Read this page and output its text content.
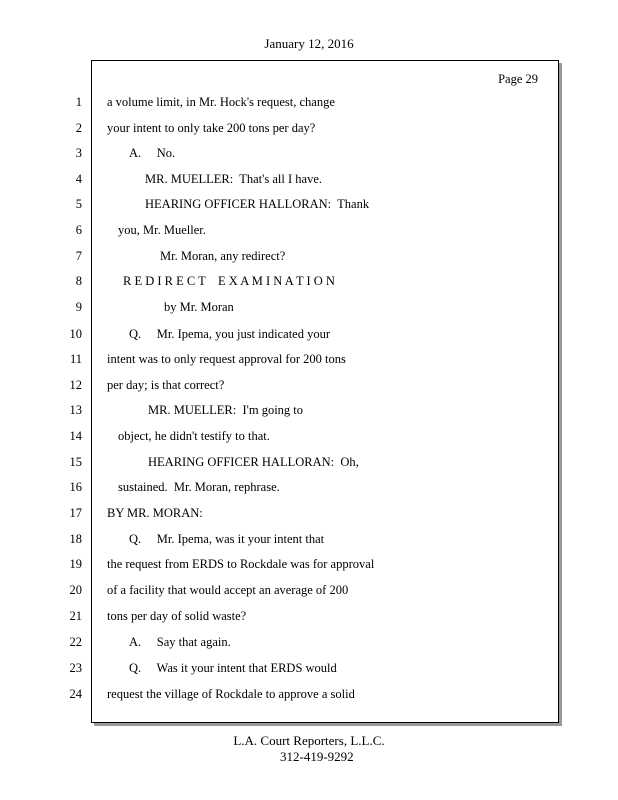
January 12, 2016
Page 29
1
2
3
4
5
6
7
8
9
10
11
12
13
14
15
16
17
18
19
20
21
22
23
24
a volume limit, in Mr. Hock's request, change
your intent to only take 200 tons per day?
A.     No.
MR. MUELLER:  That's all I have.
HEARING OFFICER HALLORAN:  Thank
you, Mr. Mueller.
Mr. Moran, any redirect?
R E D I R E C T    E X A M I N A T I O N
by Mr. Moran
Q.     Mr. Ipema, you just indicated your
intent was to only request approval for 200 tons
per day; is that correct?
MR. MUELLER:  I'm going to
object, he didn't testify to that.
HEARING OFFICER HALLORAN:  Oh,
sustained.  Mr. Moran, rephrase.
BY MR. MORAN:
Q.     Mr. Ipema, was it your intent that
the request from ERDS to Rockdale was for approval
of a facility that would accept an average of 200
tons per day of solid waste?
A.     Say that again.
Q.     Was it your intent that ERDS would
request the village of Rockdale to approve a solid
L.A. Court Reporters, L.L.C.
312-419-9292
